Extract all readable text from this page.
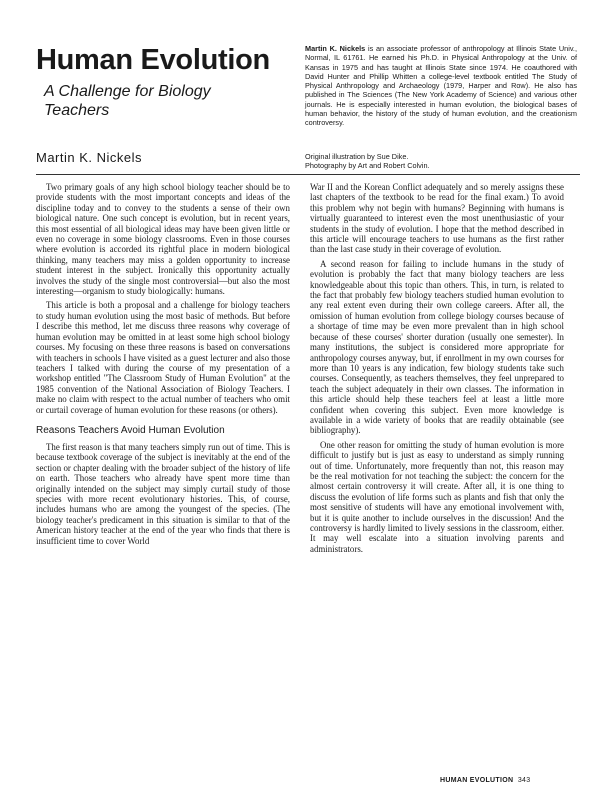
Human Evolution

A Challenge for Biology Teachers

Martin K. Nickels

Martin K. Nickels is an associate professor of anthropology at Illinois State Univ., Normal, IL 61761. He earned his Ph.D. in Physical Anthropology at the Univ. of Kansas in 1975 and has taught at Illinois State since 1974. He coauthored with David Hunter and Phillip Whitten a college-level textbook entitled The Study of Physical Anthropology and Archaeology (1979, Harper and Row). He also has published in The Sciences (The New York Academy of Science) and various other journals. He is especially interested in human evolution, the biological bases of human behavior, the history of the study of human evolution, and the creationism controversy.

Original illustration by Sue Dike.
Photography by Art and Robert Colvin.

Two primary goals of any high school biology teacher should be to provide students with the most important concepts and ideas of the discipline today and to convey to the students a sense of their own biological nature. One such concept is evolution, but in recent years, this most essential of all biological ideas may have been given little or even no coverage in some biology classrooms. Even in those courses where evolution is accorded its rightful place in modern biological thinking, many teachers may miss a golden opportunity to increase student interest in the subject. Ironically this opportunity actually involves the study of the single most controversial—but also the most interesting—organism to study biologically: humans.

This article is both a proposal and a challenge for biology teachers to study human evolution using the most basic of methods. But before I describe this method, let me discuss three reasons why coverage of human evolution may be omitted in at least some high school biology courses. My focusing on these three reasons is based on conversations with teachers in schools I have visited as a guest lecturer and also those teachers I talked with during the course of my presentation of a workshop entitled "The Classroom Study of Human Evolution" at the 1985 convention of the National Association of Biology Teachers. I make no claim with respect to the actual number of teachers who omit or curtail coverage of human evolution for these reasons (or others).

Reasons Teachers Avoid Human Evolution

The first reason is that many teachers simply run out of time. This is because textbook coverage of the subject is inevitably at the end of the section or chapter dealing with the broader subject of the history of life on earth. Those teachers who already have spent more time than originally intended on the subject may simply curtail study of those species with more recent evolutionary histories. This, of course, includes humans who are among the youngest of the species. (The biology teacher's predicament in this situation is similar to that of the American history teacher at the end of the year who finds that there is insufficient time to cover World

War II and the Korean Conflict adequately and so merely assigns these last chapters of the textbook to be read for the final exam.) To avoid this problem why not begin with humans? Beginning with humans is virtually guaranteed to interest even the most unenthusiastic of your students in the study of evolution. I hope that the method described in this article will encourage teachers to use humans as the first rather than the last case study in their coverage of evolution.

A second reason for failing to include humans in the study of evolution is probably the fact that many biology teachers are less knowledgeable about this topic than others. This, in turn, is related to the fact that probably few biology teachers studied human evolution to any real extent even during their own college careers. After all, the omission of human evolution from college biology courses because of a shortage of time may be even more prevalent than in high school because of these courses' shorter duration (usually one semester). In many institutions, the subject is considered more appropriate for anthropology courses anyway, but, if enrollment in my own courses for more than 10 years is any indication, few biology students take such courses. Consequently, as teachers themselves, they feel unprepared to teach the subject adequately in their own classes. The information in this article should help these teachers feel at least a little more confident when covering this subject. Even more knowledge is available in a wide variety of books that are readily obtainable (see bibliography).

One other reason for omitting the study of human evolution is more difficult to justify but is just as easy to understand as simply running out of time. Unfortunately, more frequently than not, this reason may be the real motivation for not teaching the subject: the concern for the almost certain controversy it will create. After all, it is one thing to discuss the evolution of life forms such as plants and fish that only the most sensitive of students will have any emotional involvement with, but it is quite another to include ourselves in the discussion! And the controversy is hardly limited to lively sessions in the classroom, either. It may well escalate into a situation involving parents and administrators.

HUMAN EVOLUTION 343
